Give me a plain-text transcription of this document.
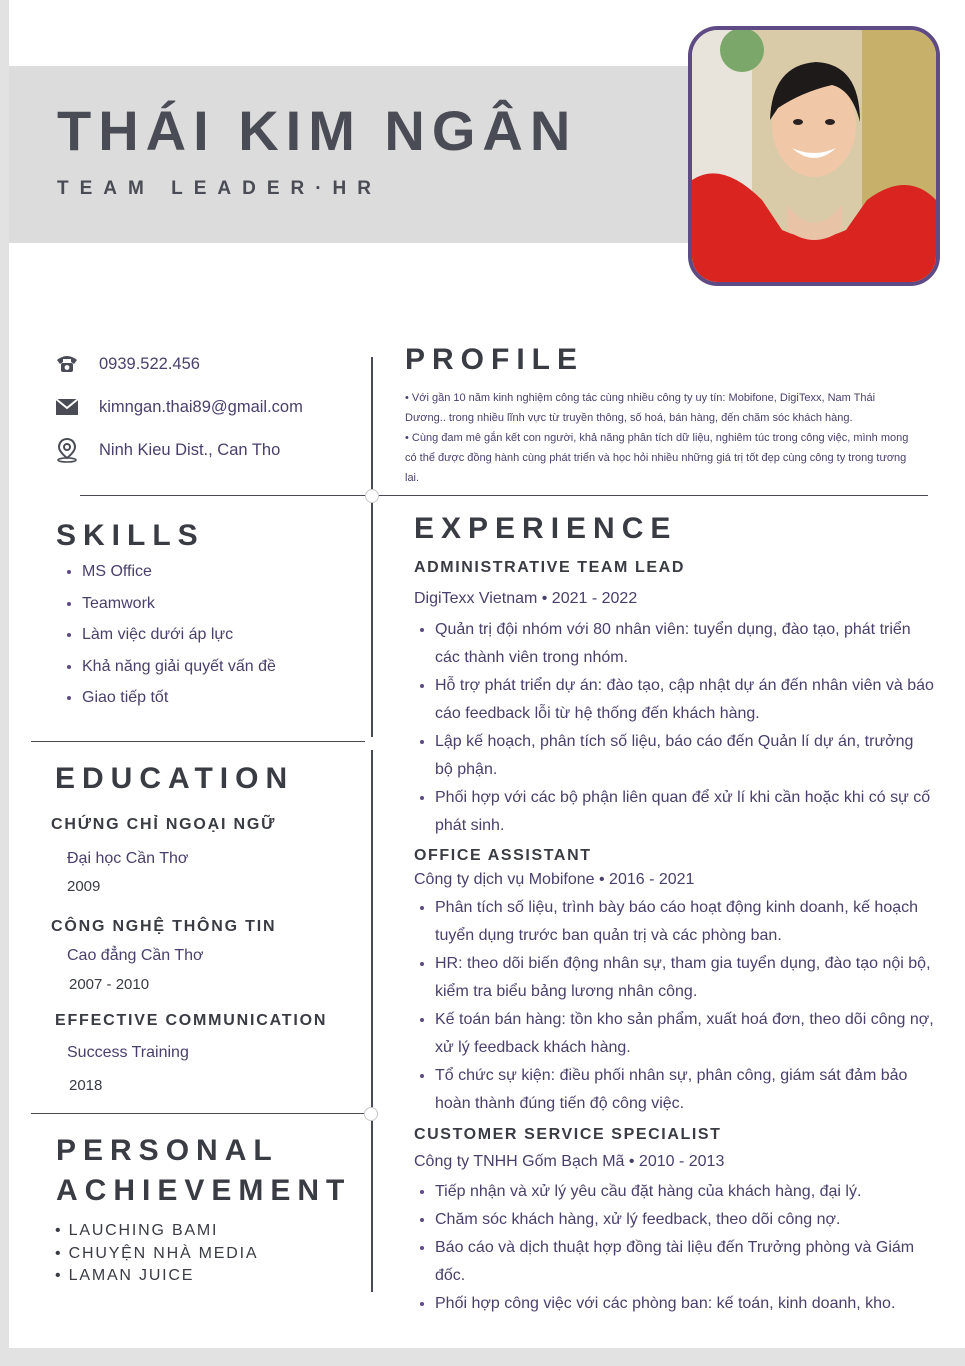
THÁI KIM NGÂN
TEAM LEADER·HR
0939.522.456
kimngan.thai89@gmail.com
Ninh Kieu Dist., Can Tho
PROFILE

• Với gần 10 năm kinh nghiệm công tác cùng nhiều công ty uy tín: Mobifone, DigiTexx, Nam Thái Dương.. trong nhiều lĩnh vực từ truyền thông, số hoá, bán hàng, đến chăm sóc khách hàng.

• Cùng đam mê gắn kết con người, khả năng phân tích dữ liệu, nghiêm túc trong công việc, mình mong có thể được đồng hành cùng phát triển và học hỏi nhiều những giá trị tốt đẹp cùng công ty trong tương lai.

SKILLS
• MS Office
• Teamwork
• Làm việc dưới áp lực
• Khả năng giải quyết vấn đề
• Giao tiếp tốt
EDUCATION
CHỨNG CHỈ NGOẠI NGỮ
Đại học Cần Thơ
2009
CÔNG NGHỆ THÔNG TIN
Cao đẳng Cần Thơ
2007 - 2010
EFFECTIVE COMMUNICATION
Success Training
2018
PERSONAL
ACHIEVEMENT
• LAUCHING BAMI
• CHUYỆN NHÀ MEDIA
• LAMAN JUICE
EXPERIENCE
ADMINISTRATIVE TEAM LEAD
DigiTexx Vietnam • 2021 - 2022
• Quản trị đội nhóm với 80 nhân viên: tuyển dụng, đào tạo, phát triển các thành viên trong nhóm.
• Hỗ trợ phát triển dự án: đào tạo, cập nhật dự án đến nhân viên và báo cáo feedback lỗi từ hệ thống đến khách hàng.
• Lập kế hoạch, phân tích số liệu, báo cáo đến Quản lí dự án, trưởng bộ phận.
• Phối hợp với các bộ phận liên quan để xử lí khi cần hoặc khi có sự cố phát sinh.
OFFICE ASSISTANT
Công ty dịch vụ Mobifone • 2016 - 2021
• Phân tích số liệu, trình bày báo cáo hoạt động kinh doanh, kế hoạch tuyển dụng trước ban quản trị và các phòng ban.
• HR: theo dõi biến động nhân sự, tham gia tuyển dụng, đào tạo nội bộ, kiểm tra biểu bảng lương nhân công.
• Kế toán bán hàng: tồn kho sản phẩm, xuất hoá đơn, theo dõi công nợ, xử lý feedback khách hàng.
• Tổ chức sự kiện: điều phối nhân sự, phân công, giám sát đảm bảo hoàn thành đúng tiến độ công việc.
CUSTOMER SERVICE SPECIALIST
Công ty TNHH Gốm Bạch Mã • 2010 - 2013
• Tiếp nhận và xử lý yêu cầu đặt hàng của khách hàng, đại lý.
• Chăm sóc khách hàng, xử lý feedback, theo dõi công nợ.
• Báo cáo và dịch thuật hợp đồng tài liệu đến Trưởng phòng và Giám đốc.
• Phối hợp công việc với các phòng ban: kế toán, kinh doanh, kho.
